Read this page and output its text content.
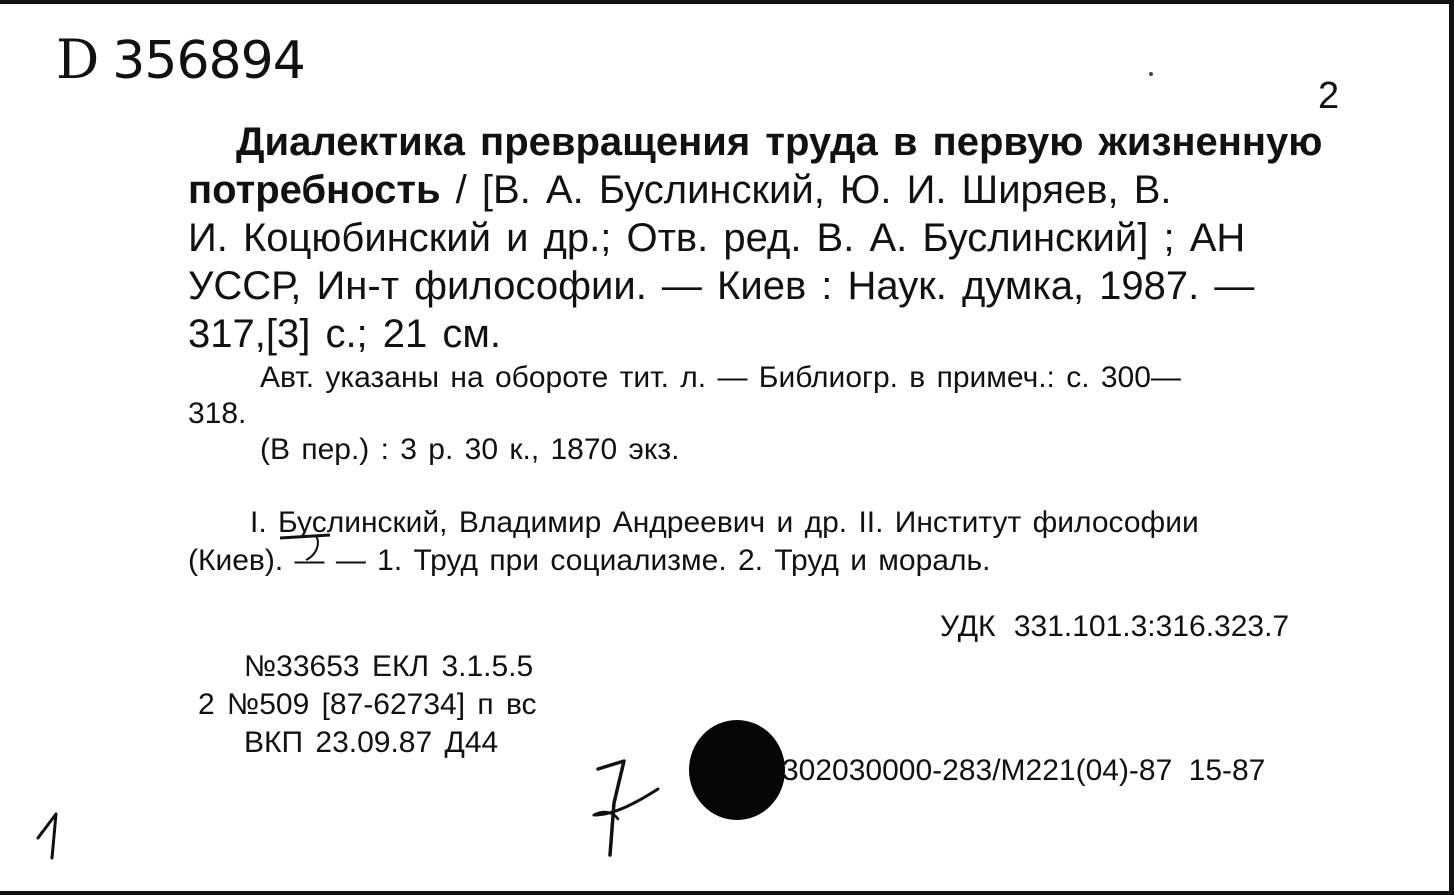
D 356894
2
Диалектика превращения труда в первую жизненную
потребность / [В. А. Буслинский, Ю. И. Ширяев, В.
И. Коцюбинский и др.; Отв. ред. В. А. Буслинский] ; АН
УССР, Ин-т философии. — Киев : Наук. думка, 1987. —
317,[3] с.; 21 см.
Авт. указаны на обороте тит. л. — Библиогр. в примеч.: с. 300—
318.
(В пер.) : 3 р. 30 к., 1870 экз.
I. Буслинский, Владимир Андреевич и др. II. Институт философии
(Киев). — — 1. Труд при социализме. 2. Труд и мораль.
УДК 331.101.3:316.323.7
№33653 ЕКЛ 3.1.5.5
2 №509 [87-62734] п вс
ВКП 23.09.87 Д44
302030000-283/М221(04)-87 15-87
